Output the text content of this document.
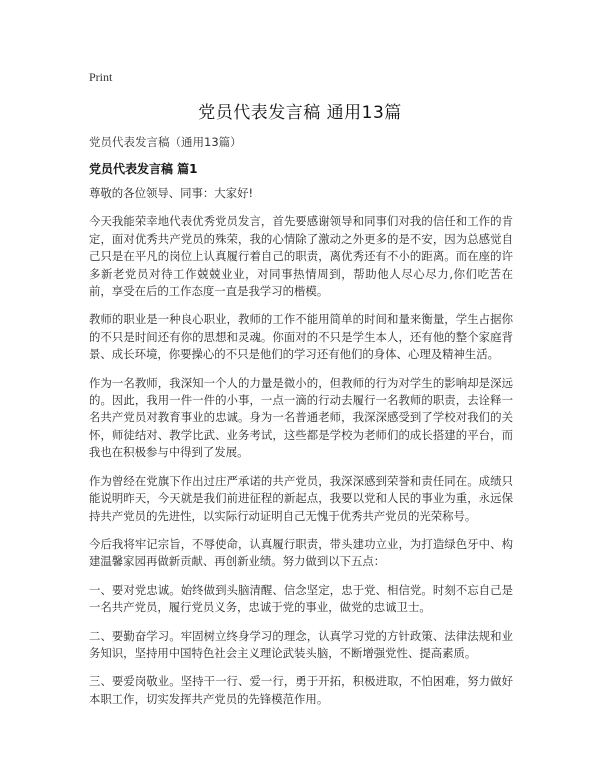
Print
党员代表发言稿 通用13篇
党员代表发言稿（通用13篇）
党员代表发言稿 篇1

尊敬的各位领导、同事：大家好!

今天我能荣幸地代表优秀党员发言，首先要感谢领导和同事们对我的信任和工作的肯定，面对优秀共产党员的殊荣，我的心情除了激动之外更多的是不安，因为总感觉自己只是在平凡的岗位上认真履行着自己的职责，离优秀还有不小的距离。而在座的许多新老党员对待工作兢兢业业，对同事热情周到，帮助他人尽心尽力,你们吃苦在前，享受在后的工作态度一直是我学习的楷模。

教师的职业是一种良心职业，教师的工作不能用简单的时间和量来衡量，学生占据你的不只是时间还有你的思想和灵魂。你面对的不只是学生本人，还有他的整个家庭背景、成长环境，你要操心的不只是他们的学习还有他们的身体、心理及精神生活。

作为一名教师，我深知一个人的力量是微小的，但教师的行为对学生的影响却是深远的。因此，我用一件一件的小事，一点一滴的行动去履行一名教师的职责，去诠释一名共产党员对教育事业的忠诚。身为一名普通老师，我深深感受到了学校对我们的关怀，师徒结对、教学比武、业务考试，这些都是学校为老师们的成长搭建的平台，而我也在积极参与中得到了发展。

作为曾经在党旗下作出过庄严承诺的共产党员，我深深感到荣誉和责任同在。成绩只能说明昨天，今天就是我们前进征程的新起点，我要以党和人民的事业为重，永远保持共产党员的先进性，以实际行动证明自己无愧于优秀共产党员的光荣称号。

今后我将牢记宗旨，不辱使命，认真履行职责，带头建功立业，为打造绿色牙中、构建温馨家园再做新贡献、再创新业绩。努力做到以下五点：

一、要对党忠诚。始终做到头脑清醒、信念坚定，忠于党、相信党。时刻不忘自己是一名共产党员，履行党员义务，忠诚于党的事业，做党的忠诚卫士。

二、要勤奋学习。牢固树立终身学习的理念，认真学习党的方针政策、法律法规和业务知识，坚持用中国特色社会主义理论武装头脑，不断增强党性、提高素质。

三、要爱岗敬业。坚持干一行、爱一行，勇于开拓，积极进取，不怕困难，努力做好本职工作，切实发挥共产党员的先锋模范作用。
